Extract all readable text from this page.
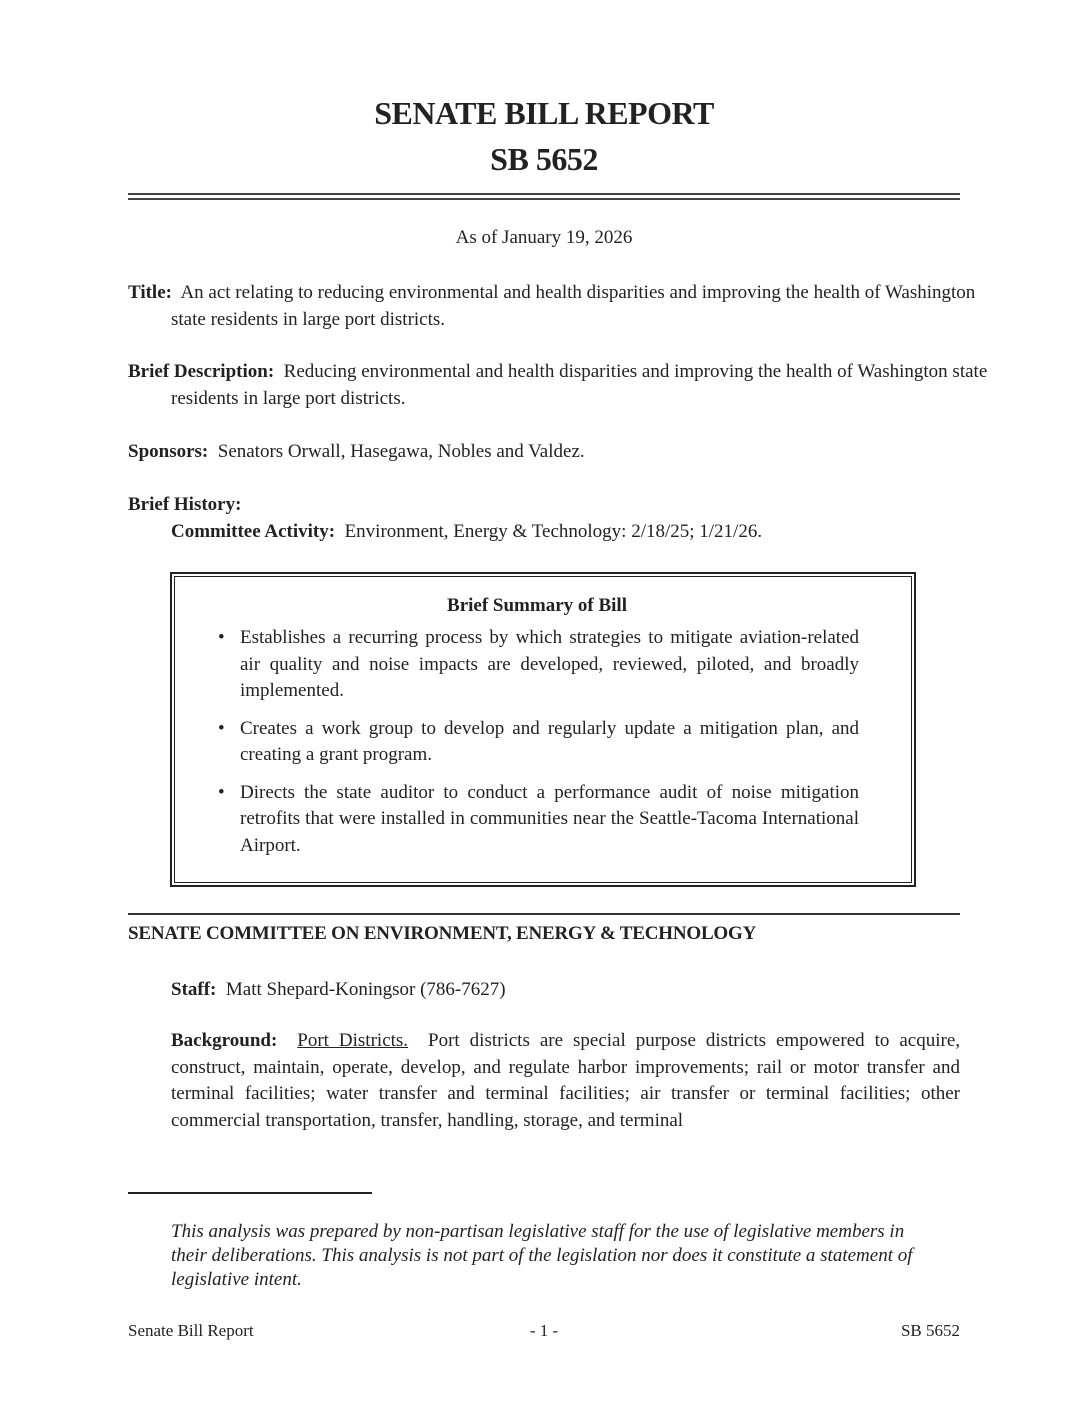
SENATE BILL REPORT
SB 5652
As of January 19, 2026
Title: An act relating to reducing environmental and health disparities and improving the health of Washington state residents in large port districts.
Brief Description: Reducing environmental and health disparities and improving the health of Washington state residents in large port districts.
Sponsors: Senators Orwall, Hasegawa, Nobles and Valdez.
Brief History:
Committee Activity: Environment, Energy & Technology: 2/18/25; 1/21/26.
Brief Summary of Bill
• Establishes a recurring process by which strategies to mitigate aviation-related air quality and noise impacts are developed, reviewed, piloted, and broadly implemented.
• Creates a work group to develop and regularly update a mitigation plan, and creating a grant program.
• Directs the state auditor to conduct a performance audit of noise mitigation retrofits that were installed in communities near the Seattle-Tacoma International Airport.
SENATE COMMITTEE ON ENVIRONMENT, ENERGY & TECHNOLOGY
Staff: Matt Shepard-Koningsor (786-7627)
Background: Port Districts. Port districts are special purpose districts empowered to acquire, construct, maintain, operate, develop, and regulate harbor improvements; rail or motor transfer and terminal facilities; water transfer and terminal facilities; air transfer or terminal facilities; other commercial transportation, transfer, handling, storage, and terminal
This analysis was prepared by non-partisan legislative staff for the use of legislative members in their deliberations. This analysis is not part of the legislation nor does it constitute a statement of legislative intent.
Senate Bill Report	- 1 -	SB 5652
